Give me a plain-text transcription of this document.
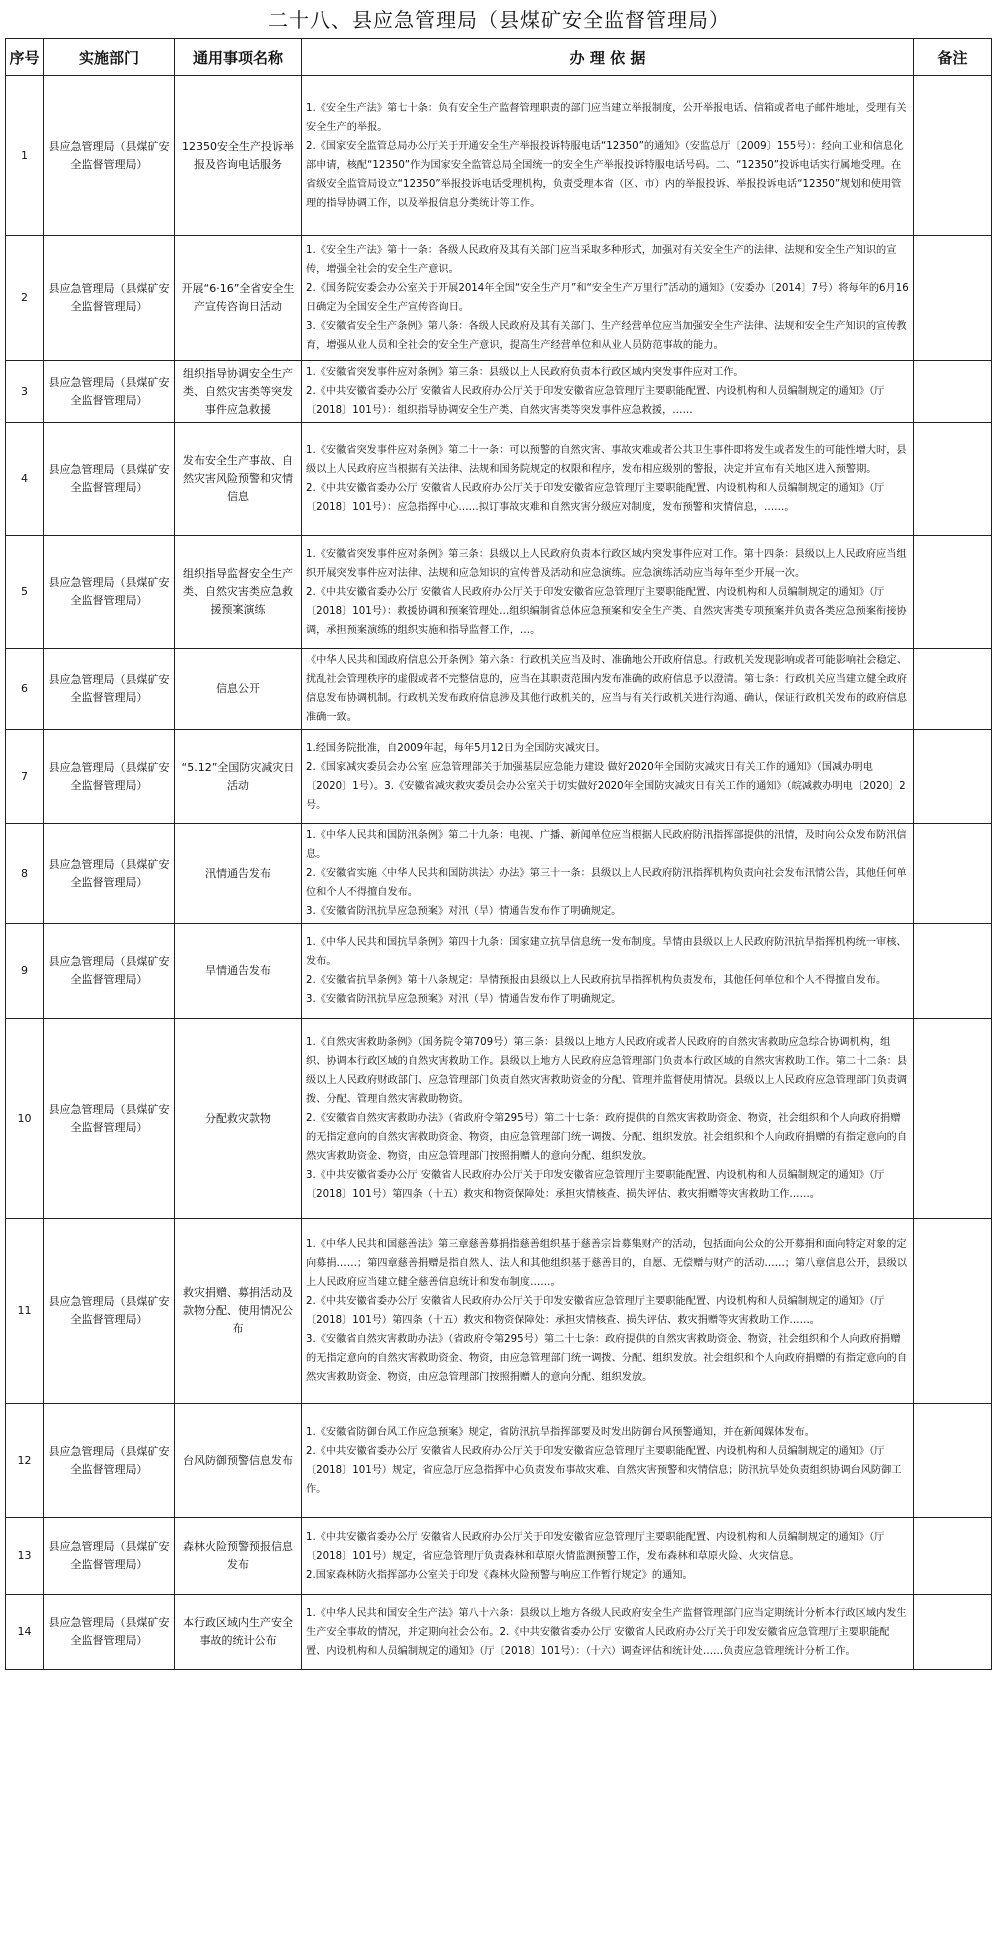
二十八、县应急管理局（县煤矿安全监督管理局）
序号	实施部门	通用事项名称	办 理 依 据	备注
1	县应急管理局（县煤矿安全监督管理局）	12350安全生产投诉举报及咨询电话服务	1.《安全生产法》第七十条：负有安全生产监督管理职责的部门应当建立举报制度，公开举报电话、信箱或者电子邮件地址，受理有关安全生产的举报。
2.《国家安全监管总局办公厅关于开通安全生产举报投诉特服电话“12350”的通知》（安监总厅〔2009〕155号）：经向工业和信息化部申请，核配“12350”作为国家安全监管总局全国统一的安全生产举报投诉特服电话号码。二、“12350”投诉电话实行属地受理。在省级安全监管局设立“12350”举报投诉电话受理机构，负责受理本省（区、市）内的举报投诉、举报投诉电话“12350”规划和使用管理的指导协调工作，以及举报信息分类统计等工作。	

2	县应急管理局（县煤矿安全监督管理局）	开展“6·16”全省安全生产宣传咨询日活动	1.《安全生产法》第十一条：各级人民政府及其有关部门应当采取多种形式，加强对有关安全生产的法律、法规和安全生产知识的宣传，增强全社会的安全生产意识。
2.《国务院安委会办公室关于开展2014年全国“安全生产月”和“安全生产万里行”活动的通知》（安委办〔2014〕7号）将每年的6月16日确定为全国安全生产宣传咨询日。
3.《安徽省安全生产条例》第八条：各级人民政府及其有关部门、生产经营单位应当加强安全生产法律、法规和安全生产知识的宣传教育，增强从业人员和全社会的安全生产意识，提高生产经营单位和从业人员防范事故的能力。	

3	县应急管理局（县煤矿安全监督管理局）	组织指导协调安全生产类、自然灾害类等突发事件应急救援	1.《安徽省突发事件应对条例》第三条：县级以上人民政府负责本行政区域内突发事件应对工作。
2.《中共安徽省委办公厅 安徽省人民政府办公厅关于印发安徽省应急管理厅主要职能配置、内设机构和人员编制规定的通知》（厅〔2018〕101号）：组织指导协调安全生产类、自然灾害类等突发事件应急救援，……	

4	县应急管理局（县煤矿安全监督管理局）	发布安全生产事故、自然灾害风险预警和灾情信息	1.《安徽省突发事件应对条例》第二十一条：可以预警的自然灾害、事故灾难或者公共卫生事件即将发生或者发生的可能性增大时，县级以上人民政府应当根据有关法律、法规和国务院规定的权限和程序，发布相应级别的警报，决定并宣布有关地区进入预警期。
2.《中共安徽省委办公厅 安徽省人民政府办公厅关于印发安徽省应急管理厅主要职能配置、内设机构和人员编制规定的通知》（厅〔2018〕101号）：应急指挥中心……拟订事故灾难和自然灾害分级应对制度，发布预警和灾情信息，……。	

5	县应急管理局（县煤矿安全监督管理局）	组织指导监督安全生产类、自然灾害类应急救援预案演练	1.《安徽省突发事件应对条例》第三条：县级以上人民政府负责本行政区域内突发事件应对工作。第十四条：县级以上人民政府应当组织开展突发事件应对法律、法规和应急知识的宣传普及活动和应急演练。应急演练活动应当每年至少开展一次。
2.《中共安徽省委办公厅 安徽省人民政府办公厅关于印发安徽省应急管理厅主要职能配置、内设机构和人员编制规定的通知》（厅〔2018〕101号）：救援协调和预案管理处…组织编制省总体应急预案和安全生产类、自然灾害类专项预案并负责各类应急预案衔接协调，承担预案演练的组织实施和指导监督工作，…。	

6	县应急管理局（县煤矿安全监督管理局）	信息公开	《中华人民共和国政府信息公开条例》第六条：行政机关应当及时、准确地公开政府信息。行政机关发现影响或者可能影响社会稳定、扰乱社会管理秩序的虚假或者不完整信息的，应当在其职责范围内发布准确的政府信息予以澄清。第七条：行政机关应当建立健全政府信息发布协调机制。行政机关发布政府信息涉及其他行政机关的，应当与有关行政机关进行沟通、确认，保证行政机关发布的政府信息准确一致。	

7	县应急管理局（县煤矿安全监督管理局）	“5.12”全国防灾减灾日活动	1.经国务院批准，自2009年起，每年5月12日为全国防灾减灾日。
2.《国家减灾委员会办公室 应急管理部关于加强基层应急能力建设 做好2020年全国防灾减灾日有关工作的通知》（国减办明电〔2020〕1号）。3.《安徽省减灾救灾委员会办公室关于切实做好2020年全国防灾减灾日有关工作的通知》（皖减救办明电〔2020〕2号。	

8	县应急管理局（县煤矿安全监督管理局）	汛情通告发布	1.《中华人民共和国防汛条例》第二十九条：电视、广播、新闻单位应当根据人民政府防汛指挥部提供的汛情，及时向公众发布防汛信息。
2.《安徽省实施〈中华人民共和国防洪法〉办法》第三十一条：县级以上人民政府防汛指挥机构负责向社会发布汛情公告，其他任何单位和个人不得擅自发布。
3.《安徽省防汛抗旱应急预案》对汛（旱）情通告发布作了明确规定。	

9	县应急管理局（县煤矿安全监督管理局）	旱情通告发布	1.《中华人民共和国抗旱条例》第四十九条：国家建立抗旱信息统一发布制度。旱情由县级以上人民政府防汛抗旱指挥机构统一审核、发布。
2.《安徽省抗旱条例》第十八条规定：旱情预报由县级以上人民政府抗旱指挥机构负责发布，其他任何单位和个人不得擅自发布。
3.《安徽省防汛抗旱应急预案》对汛（旱）情通告发布作了明确规定。	

10	县应急管理局（县煤矿安全监督管理局）	分配救灾款物	1.《自然灾害救助条例》（国务院令第709号）第三条：县级以上地方人民政府或者人民政府的自然灾害救助应急综合协调机构，组织、协调本行政区域的自然灾害救助工作。县级以上地方人民政府应急管理部门负责本行政区域的自然灾害救助工作。第二十二条：县级以上人民政府财政部门、应急管理部门负责自然灾害救助资金的分配、管理并监督使用情况。县级以上人民政府应急管理部门负责调拨、分配、管理自然灾害救助物资。
2.《安徽省自然灾害救助办法》（省政府令第295号）第二十七条：政府提供的自然灾害救助资金、物资，社会组织和个人向政府捐赠的无指定意向的自然灾害救助资金、物资，由应急管理部门统一调拨、分配、组织发放。社会组织和个人向政府捐赠的有指定意向的自然灾害救助资金、物资，由应急管理部门按照捐赠人的意向分配、组织发放。
3.《中共安徽省委办公厅 安徽省人民政府办公厅关于印发安徽省应急管理厅主要职能配置、内设机构和人员编制规定的通知》（厅〔2018〕101号）第四条（十五）救灾和物资保障处：承担灾情核查、损失评估、救灾捐赠等灾害救助工作……。	

11	县应急管理局（县煤矿安全监督管理局）	救灾捐赠、募捐活动及款物分配、使用情况公布	1.《中华人民共和国慈善法》第三章慈善募捐指慈善组织基于慈善宗旨募集财产的活动，包括面向公众的公开募捐和面向特定对象的定向募捐……；第四章慈善捐赠是指自然人、法人和其他组织基于慈善目的，自愿、无偿赠与财产的活动……；第八章信息公开，县级以上人民政府应当建立健全慈善信息统计和发布制度……。
2.《中共安徽省委办公厅 安徽省人民政府办公厅关于印发安徽省应急管理厅主要职能配置、内设机构和人员编制规定的通知》（厅〔2018〕101号）第四条（十五）救灾和物资保障处：承担灾情核查、损失评估、救灾捐赠等灾害救助工作……。
3.《安徽省自然灾害救助办法》（省政府令第295号）第二十七条：政府提供的自然灾害救助资金、物资，社会组织和个人向政府捐赠的无指定意向的自然灾害救助资金、物资，由应急管理部门统一调拨、分配、组织发放。社会组织和个人向政府捐赠的有指定意向的自然灾害救助资金、物资，由应急管理部门按照捐赠人的意向分配、组织发放。	

12	县应急管理局（县煤矿安全监督管理局）	台风防御预警信息发布	1.《安徽省防御台风工作应急预案》规定，省防汛抗旱指挥部要及时发出防御台风预警通知，并在新闻媒体发布。
2.《中共安徽省委办公厅 安徽省人民政府办公厅关于印发安徽省应急管理厅主要职能配置、内设机构和人员编制规定的通知》（厅〔2018〕101号）规定，省应急厅应急指挥中心负责发布事故灾难、自然灾害预警和灾情信息；防汛抗旱处负责组织协调台风防御工作。	

13	县应急管理局（县煤矿安全监督管理局）	森林火险预警预报信息发布	1.《中共安徽省委办公厅 安徽省人民政府办公厅关于印发安徽省应急管理厅主要职能配置、内设机构和人员编制规定的通知》（厅〔2018〕101号）规定，省应急管理厅负责森林和草原火情监测预警工作，发布森林和草原火险、火灾信息。
2.国家森林防火指挥部办公室关于印发《森林火险预警与响应工作暂行规定》的通知。	

14	县应急管理局（县煤矿安全监督管理局）	本行政区域内生产安全事故的统计公布	1.《中华人民共和国安全生产法》第八十六条：县级以上地方各级人民政府安全生产监督管理部门应当定期统计分析本行政区域内发生生产安全事故的情况，并定期向社会公布。2.《中共安徽省委办公厅 安徽省人民政府办公厅关于印发安徽省应急管理厅主要职能配置、内设机构和人员编制规定的通知》（厅〔2018〕101号）：（十六）调查评估和统计处……负责应急管理统计分析工作。	
